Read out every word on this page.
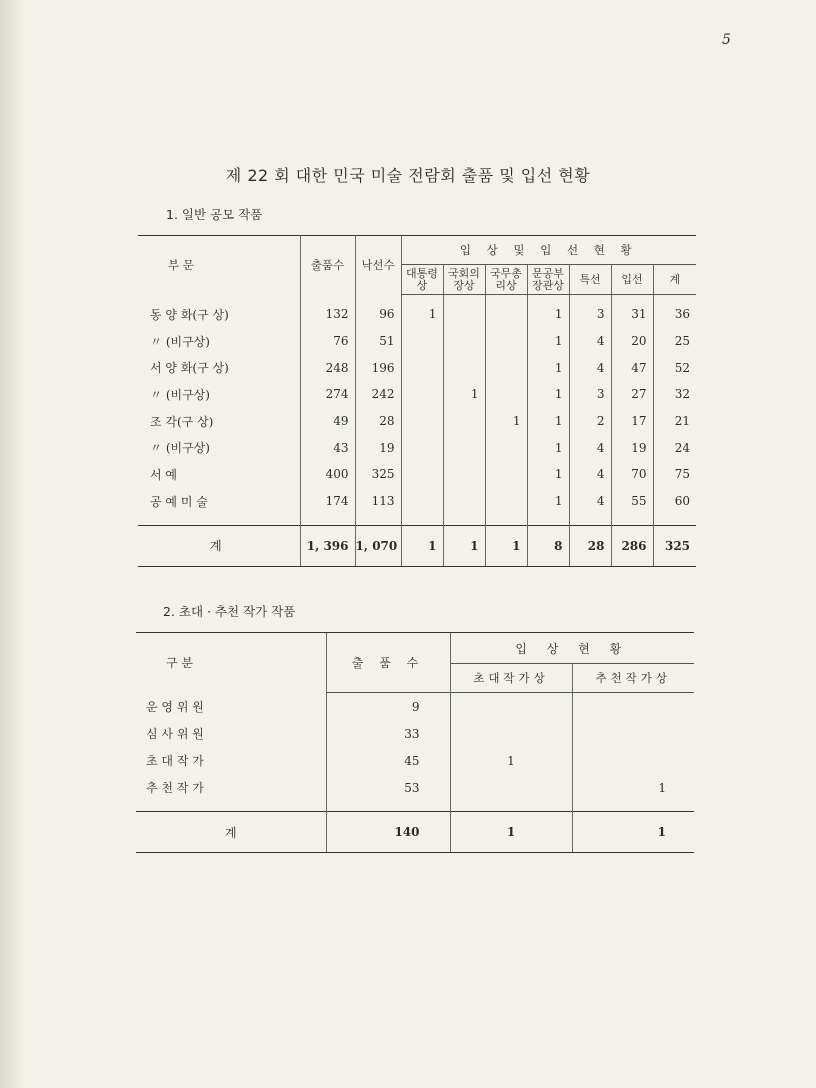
5
제 22 회 대한 민국 미술 전람회 출품 및 입선 현황
1. 일반 공모 작품
부 문	출품수	낙선수	입 상 및 입 선 현 황						
			대통령상	국회의장상	국무총리상	문공부장관상	특선	입선	계
동 양 화(구 상)	132	96	1			1	3	31	36
〃 (비구상)	76	51				1	4	20	25
서 양 화(구 상)	248	196				1	4	47	52
〃 (비구상)	274	242		1		1	3	27	32
조 각(구 상)	49	28			1	1	2	17	21
〃 (비구상)	43	19				1	4	19	24
서 예	400	325				1	4	70	75
공 예 미 술	174	113				1	4	55	60

계	1, 396	1, 070	1	1	1	8	28	286	325
2. 초대 · 추천 작가 작품
구 분	출 품 수	입 상 현 황	
		초대작가상	추천작가상
운 영 위 원	9		
심 사 위 원	33		
초 대 작 가	45	1	
추 천 작 가	53		1

계	140	1	1
